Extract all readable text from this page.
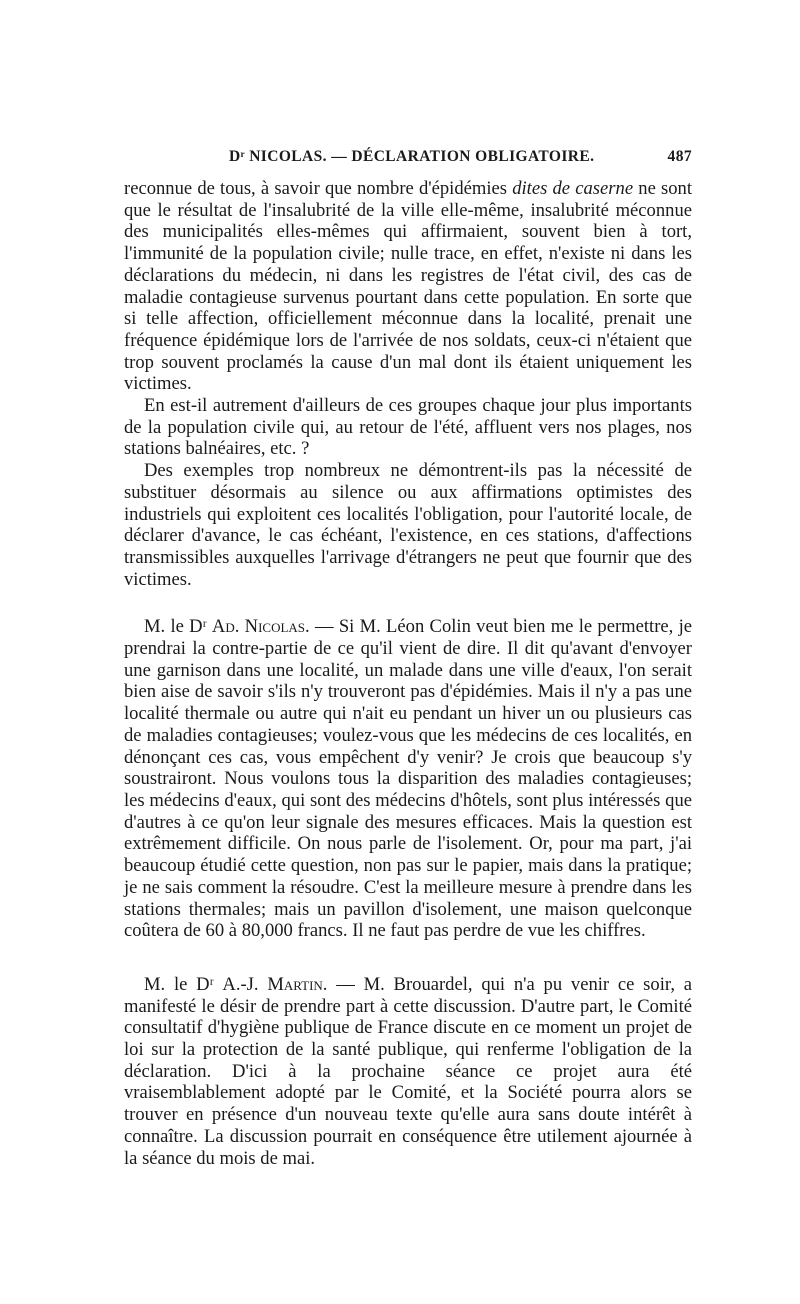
Dʳ NICOLAS. — DÉCLARATION OBLIGATOIRE.	487

reconnue de tous, à savoir que nombre d'épidémies dites de caserne ne sont que le résultat de l'insalubrité de la ville elle-même, insalubrité méconnue des municipalités elles-mêmes qui affirmaient, souvent bien à tort, l'immunité de la population civile; nulle trace, en effet, n'existe ni dans les déclarations du médecin, ni dans les registres de l'état civil, des cas de maladie contagieuse survenus pourtant dans cette population. En sorte que si telle affection, officiellement méconnue dans la localité, prenait une fréquence épidémique lors de l'arrivée de nos soldats, ceux-ci n'étaient que trop souvent proclamés la cause d'un mal dont ils étaient uniquement les victimes.

En est-il autrement d'ailleurs de ces groupes chaque jour plus importants de la population civile qui, au retour de l'été, affluent vers nos plages, nos stations balnéaires, etc. ?

Des exemples trop nombreux ne démontrent-ils pas la nécessité de substituer désormais au silence ou aux affirmations optimistes des industriels qui exploitent ces localités l'obligation, pour l'autorité locale, de déclarer d'avance, le cas échéant, l'existence, en ces stations, d'affections transmissibles auxquelles l'arrivage d'étrangers ne peut que fournir que des victimes.

M. le Dʳ Ad. Nicolas. — Si M. Léon Colin veut bien me le permettre, je prendrai la contre-partie de ce qu'il vient de dire. Il dit qu'avant d'envoyer une garnison dans une localité, un malade dans une ville d'eaux, l'on serait bien aise de savoir s'ils n'y trouveront pas d'épidémies. Mais il n'y a pas une localité thermale ou autre qui n'ait eu pendant un hiver un ou plusieurs cas de maladies contagieuses; voulez-vous que les médecins de ces localités, en dénonçant ces cas, vous empêchent d'y venir? Je crois que beaucoup s'y soustrairont. Nous voulons tous la disparition des maladies contagieuses; les médecins d'eaux, qui sont des médecins d'hôtels, sont plus intéressés que d'autres à ce qu'on leur signale des mesures efficaces. Mais la question est extrêmement difficile. On nous parle de l'isolement. Or, pour ma part, j'ai beaucoup étudié cette question, non pas sur le papier, mais dans la pratique; je ne sais comment la résoudre. C'est la meilleure mesure à prendre dans les stations thermales; mais un pavillon d'isolement, une maison quelconque coûtera de 60 à 80,000 francs. Il ne faut pas perdre de vue les chiffres.

M. le Dʳ A.-J. Martin. — M. Brouardel, qui n'a pu venir ce soir, a manifesté le désir de prendre part à cette discussion. D'autre part, le Comité consultatif d'hygiène publique de France discute en ce moment un projet de loi sur la protection de la santé publique, qui renferme l'obligation de la déclaration. D'ici à la prochaine séance ce projet aura été vraisemblablement adopté par le Comité, et la Société pourra alors se trouver en présence d'un nouveau texte qu'elle aura sans doute intérêt à connaître. La discussion pourrait en conséquence être utilement ajournée à la séance du mois de mai.
